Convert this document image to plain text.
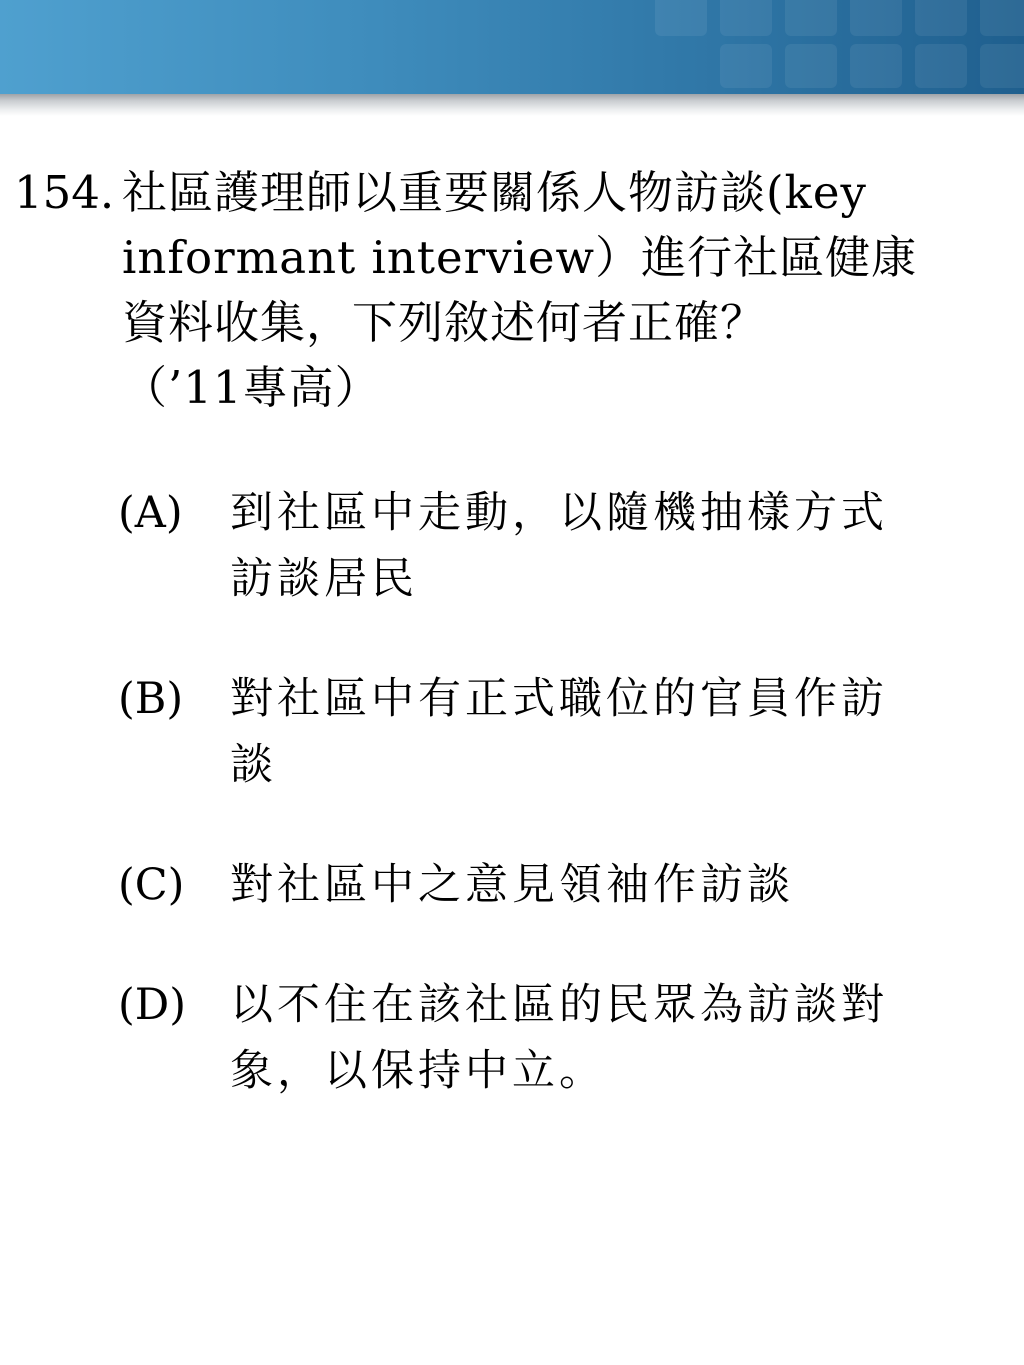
154. 社區護理師以重要關係人物訪談(key
informant interview）進行社區健康
資料收集，下列敘述何者正確？
（’11專高）
(A)	到社區中走動，以隨機抽樣方式
訪談居民
(B)	對社區中有正式職位的官員作訪
談
(C)	對社區中之意見領袖作訪談
(D)	以不住在該社區的民眾為訪談對
象，以保持中立。
